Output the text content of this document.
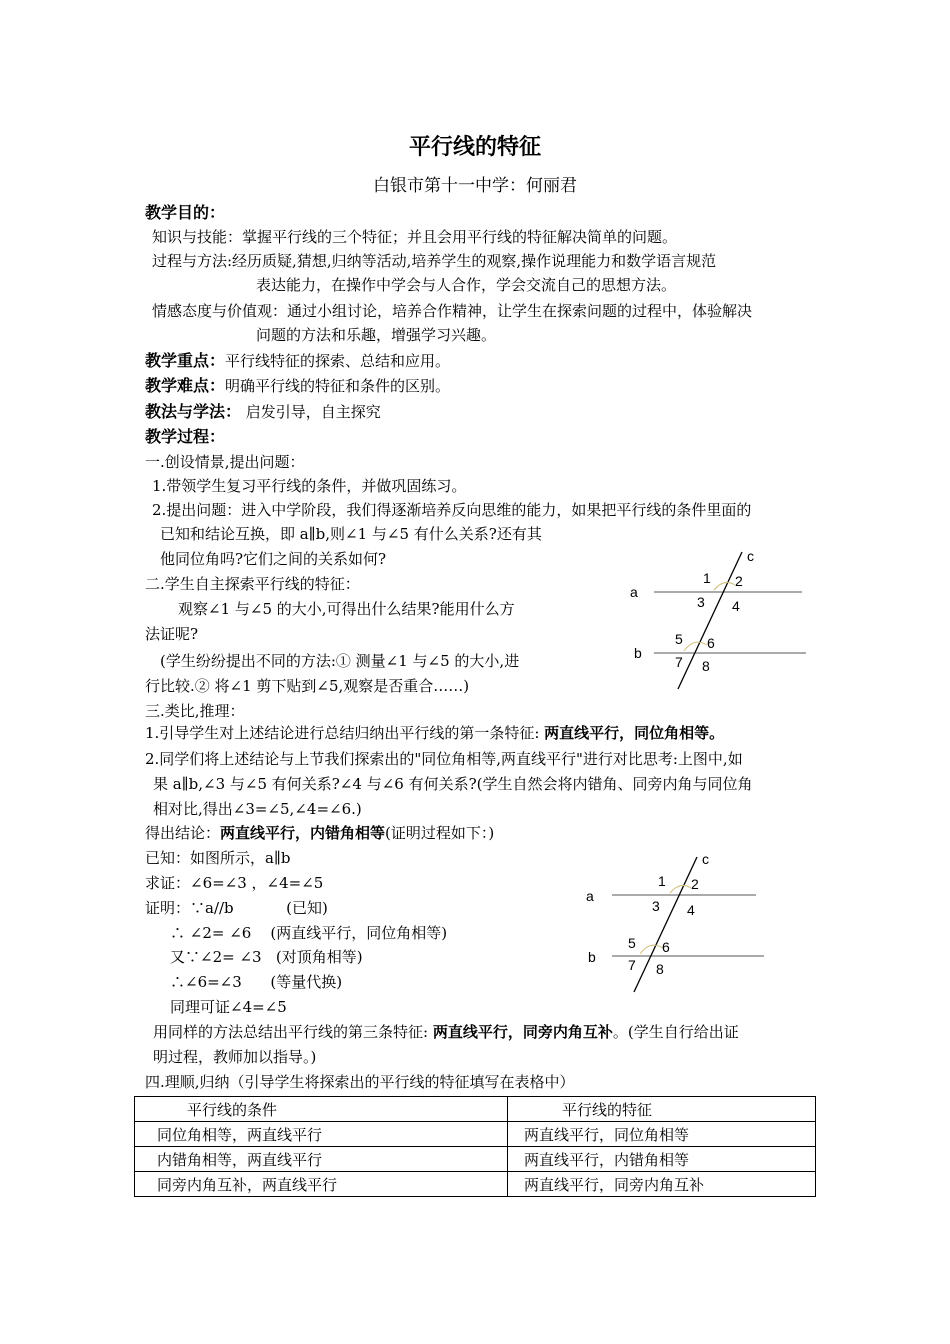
平行线的特征
白银市第十一中学：何丽君
教学目的：
知识与技能：掌握平行线的三个特征；并且会用平行线的特征解决简单的问题。
过程与方法:经历质疑,猜想,归纳等活动,培养学生的观察,操作说理能力和数学语言规范
表达能力，在操作中学会与人合作，学会交流自己的思想方法。
情感态度与价值观：通过小组讨论，培养合作精神，让学生在探索问题的过程中，体验解决
问题的方法和乐趣，增强学习兴趣。
教学重点：平行线特征的探索、总结和应用。
教学难点：明确平行线的特征和条件的区别。
教法与学法： 启发引导，自主探究
教学过程：
一.创设情景,提出问题：
1.带领学生复习平行线的条件，并做巩固练习。
2.提出问题：进入中学阶段，我们得逐渐培养反向思维的能力，如果把平行线的条件里面的
已知和结论互换，即 a∥b,则∠1 与∠5 有什么关系?还有其
他同位角吗?它们之间的关系如何?
二.学生自主探索平行线的特征：
观察∠1 与∠5 的大小,可得出什么结果?能用什么方
法证呢?
(学生纷纷提出不同的方法:① 测量∠1 与∠5 的大小,进
行比较.② 将∠1 剪下贴到∠5,观察是否重合……)
a
b
c
1 2
3 4
5 6
7 8
三.类比,推理：
1.引导学生对上述结论进行总结归纳出平行线的第一条特征: 两直线平行，同位角相等。
2.同学们将上述结论与上节我们探索出的"同位角相等,两直线平行"进行对比思考:上图中,如
果 a∥b,∠3 与∠5 有何关系?∠4 与∠6 有何关系?(学生自然会将内错角、同旁内角与同位角
相对比,得出∠3=∠5,∠4=∠6.)
得出结论：两直线平行，内错角相等(证明过程如下：)
已知：如图所示，a∥b
求证：∠6=∠3 ，∠4=∠5
证明：∵a//b           (已知)
∴ ∠2= ∠6    (两直线平行，同位角相等)
又∵∠2= ∠3   (对顶角相等)
∴∠6=∠3      (等量代换)
同理可证∠4=∠5
a
b
c
1 2
3 4
5 6
7 8
用同样的方法总结出平行线的第三条特征: 两直线平行，同旁内角互补。(学生自行给出证
明过程，教师加以指导。)
四.理顺,归纳（引导学生将探索出的平行线的特征填写在表格中）
平行线的条件	平行线的特征
同位角相等，两直线平行	两直线平行，同位角相等
内错角相等，两直线平行	两直线平行，内错角相等
同旁内角互补，两直线平行	两直线平行，同旁内角互补
